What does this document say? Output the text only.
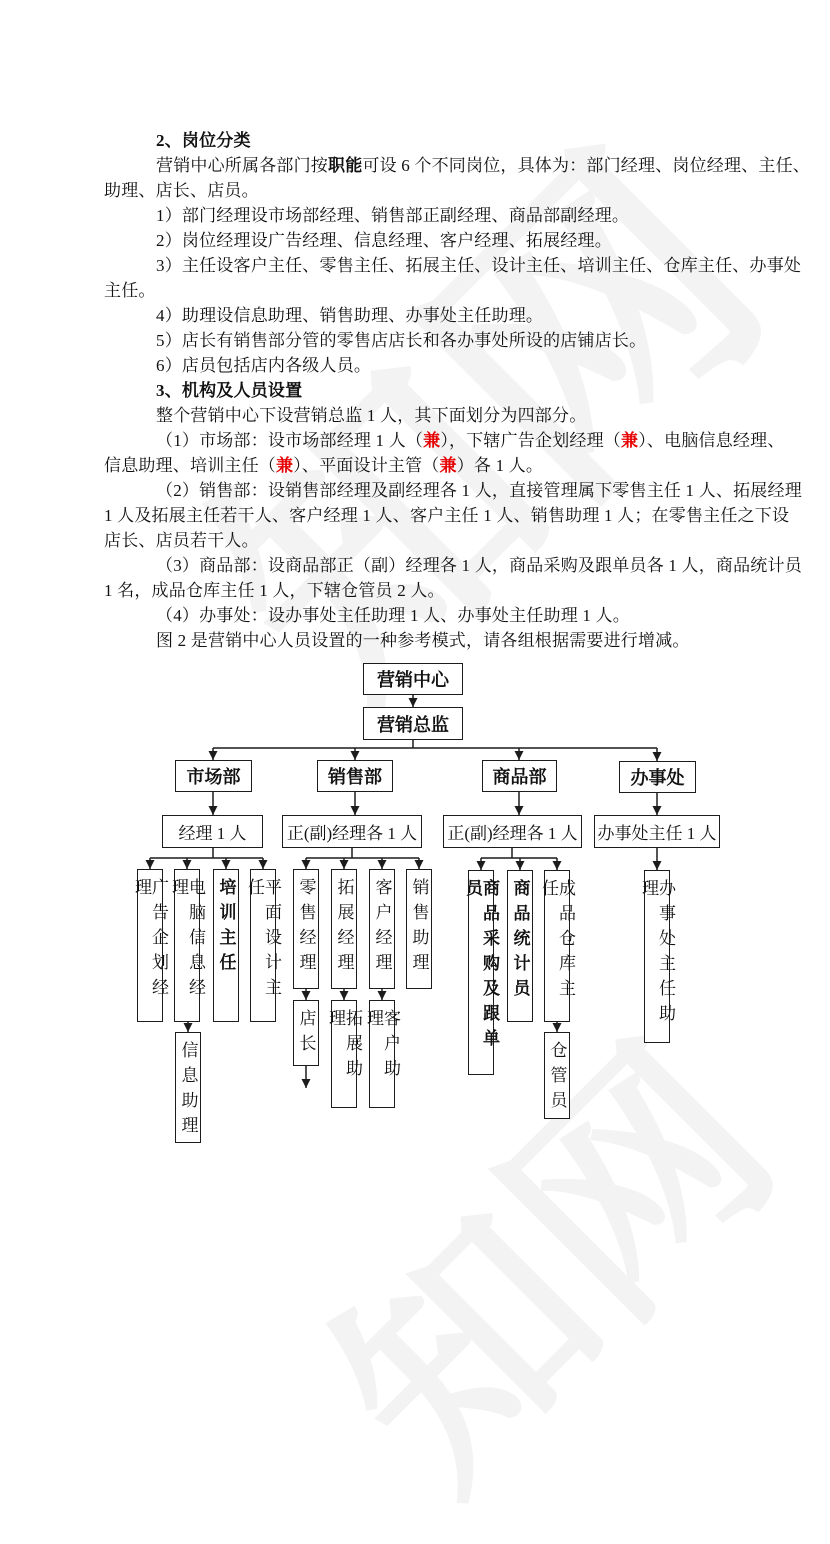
2、岗位分类
营销中心所属各部门按职能可设 6 个不同岗位，具体为：部门经理、岗位经理、主任、
助理、店长、店员。
1）部门经理设市场部经理、销售部正副经理、商品部副经理。
2）岗位经理设广告经理、信息经理、客户经理、拓展经理。
3）主任设客户主任、零售主任、拓展主任、设计主任、培训主任、仓库主任、办事处
主任。
4）助理设信息助理、销售助理、办事处主任助理。
5）店长有销售部分管的零售店店长和各办事处所设的店铺店长。
6）店员包括店内各级人员。
3、机构及人员设置
整个营销中心下设营销总监 1 人，其下面划分为四部分。
（1）市场部：设市场部经理 1 人（兼），下辖广告企划经理（兼）、电脑信息经理、
信息助理、培训主任（兼）、平面设计主管（兼）各 1 人。
（2）销售部：设销售部经理及副经理各 1 人，直接管理属下零售主任 1 人、拓展经理
1 人及拓展主任若干人、客户经理 1 人、客户主任 1 人、销售助理 1 人；在零售主任之下设
店长、店员若干人。
（3）商品部：设商品部正（副）经理各 1 人，商品采购及跟单员各 1 人，商品统计员
1 名，成品仓库主任 1 人，下辖仓管员 2 人。
（4）办事处：设办事处主任助理 1 人、办事处主任助理 1 人。
图 2 是营销中心人员设置的一种参考模式，请各组根据需要进行增减。
营销中心
营销总监
市场部	销售部	商品部	办事处
经理 1 人	正(副)经理各 1 人 正(副)经理各 1 人 办事处主任 1 人
广告企划经理	电脑信息经理	培训主任	平面设计主任
信息助理
零售经理 拓展经理 客户经理 销售助理
店长	拓展助理	客户助理	商品采购及跟单员	商品统计员	成品仓库主任
仓管员
办事处主任助理
